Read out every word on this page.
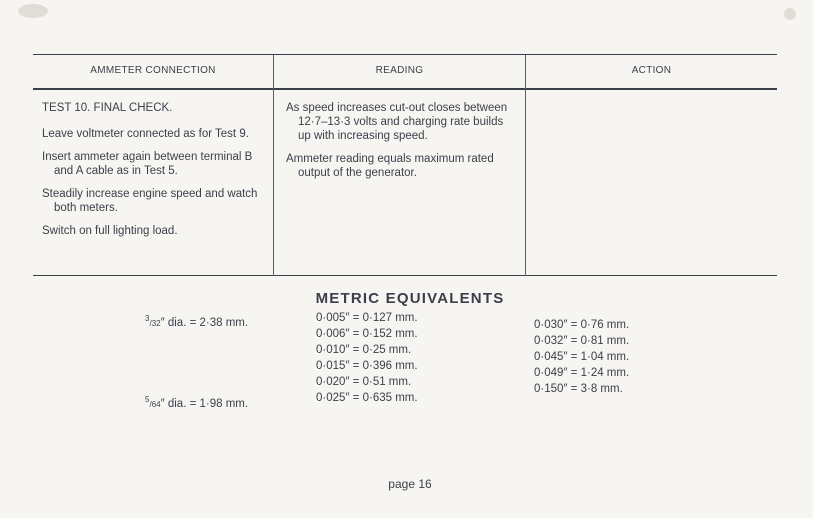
AMMETER CONNECTION	READING	ACTION

TEST 10. FINAL CHECK.

Leave voltmeter connected as for Test 9.

Insert ammeter again between terminal B and A cable as in Test 5.

Steadily increase engine speed and watch both meters.

Switch on full lighting load.

As speed increases cut-out closes between 12·7–13·3 volts and charging rate builds up with increasing speed.

Ammeter reading equals maximum rated output of the generator.

METRIC EQUIVALENTS
$^3$/32″ dia. = 2·38 mm.
$^5$/64″ dia. = 1·98 mm.
0·005″ = 0·127 mm.
0·006″ = 0·152 mm.
0·010″ = 0·25 mm.
0·015″ = 0·396 mm.
0·020″ = 0·51 mm.
0·025″ = 0·635 mm.
0·030″ = 0·76 mm.
0·032″ = 0·81 mm.
0·045″ = 1·04 mm.
0·049″ = 1·24 mm.
0·150″ = 3·8 mm.
page 16
